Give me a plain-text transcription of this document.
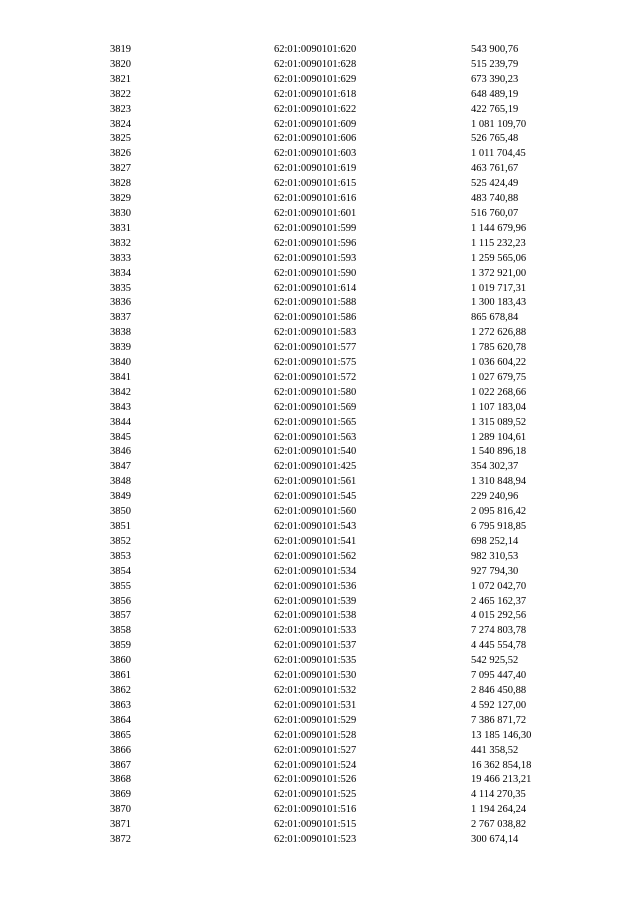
3819	62:01:0090101:620	543 900,76
3820	62:01:0090101:628	515 239,79
3821	62:01:0090101:629	673 390,23
3822	62:01:0090101:618	648 489,19
3823	62:01:0090101:622	422 765,19
3824	62:01:0090101:609	1 081 109,70
3825	62:01:0090101:606	526 765,48
3826	62:01:0090101:603	1 011 704,45
3827	62:01:0090101:619	463 761,67
3828	62:01:0090101:615	525 424,49
3829	62:01:0090101:616	483 740,88
3830	62:01:0090101:601	516 760,07
3831	62:01:0090101:599	1 144 679,96
3832	62:01:0090101:596	1 115 232,23
3833	62:01:0090101:593	1 259 565,06
3834	62:01:0090101:590	1 372 921,00
3835	62:01:0090101:614	1 019 717,31
3836	62:01:0090101:588	1 300 183,43
3837	62:01:0090101:586	865 678,84
3838	62:01:0090101:583	1 272 626,88
3839	62:01:0090101:577	1 785 620,78
3840	62:01:0090101:575	1 036 604,22
3841	62:01:0090101:572	1 027 679,75
3842	62:01:0090101:580	1 022 268,66
3843	62:01:0090101:569	1 107 183,04
3844	62:01:0090101:565	1 315 089,52
3845	62:01:0090101:563	1 289 104,61
3846	62:01:0090101:540	1 540 896,18
3847	62:01:0090101:425	354 302,37
3848	62:01:0090101:561	1 310 848,94
3849	62:01:0090101:545	229 240,96
3850	62:01:0090101:560	2 095 816,42
3851	62:01:0090101:543	6 795 918,85
3852	62:01:0090101:541	698 252,14
3853	62:01:0090101:562	982 310,53
3854	62:01:0090101:534	927 794,30
3855	62:01:0090101:536	1 072 042,70
3856	62:01:0090101:539	2 465 162,37
3857	62:01:0090101:538	4 015 292,56
3858	62:01:0090101:533	7 274 803,78
3859	62:01:0090101:537	4 445 554,78
3860	62:01:0090101:535	542 925,52
3861	62:01:0090101:530	7 095 447,40
3862	62:01:0090101:532	2 846 450,88
3863	62:01:0090101:531	4 592 127,00
3864	62:01:0090101:529	7 386 871,72
3865	62:01:0090101:528	13 185 146,30
3866	62:01:0090101:527	441 358,52
3867	62:01:0090101:524	16 362 854,18
3868	62:01:0090101:526	19 466 213,21
3869	62:01:0090101:525	4 114 270,35
3870	62:01:0090101:516	1 194 264,24
3871	62:01:0090101:515	2 767 038,82
3872	62:01:0090101:523	300 674,14
